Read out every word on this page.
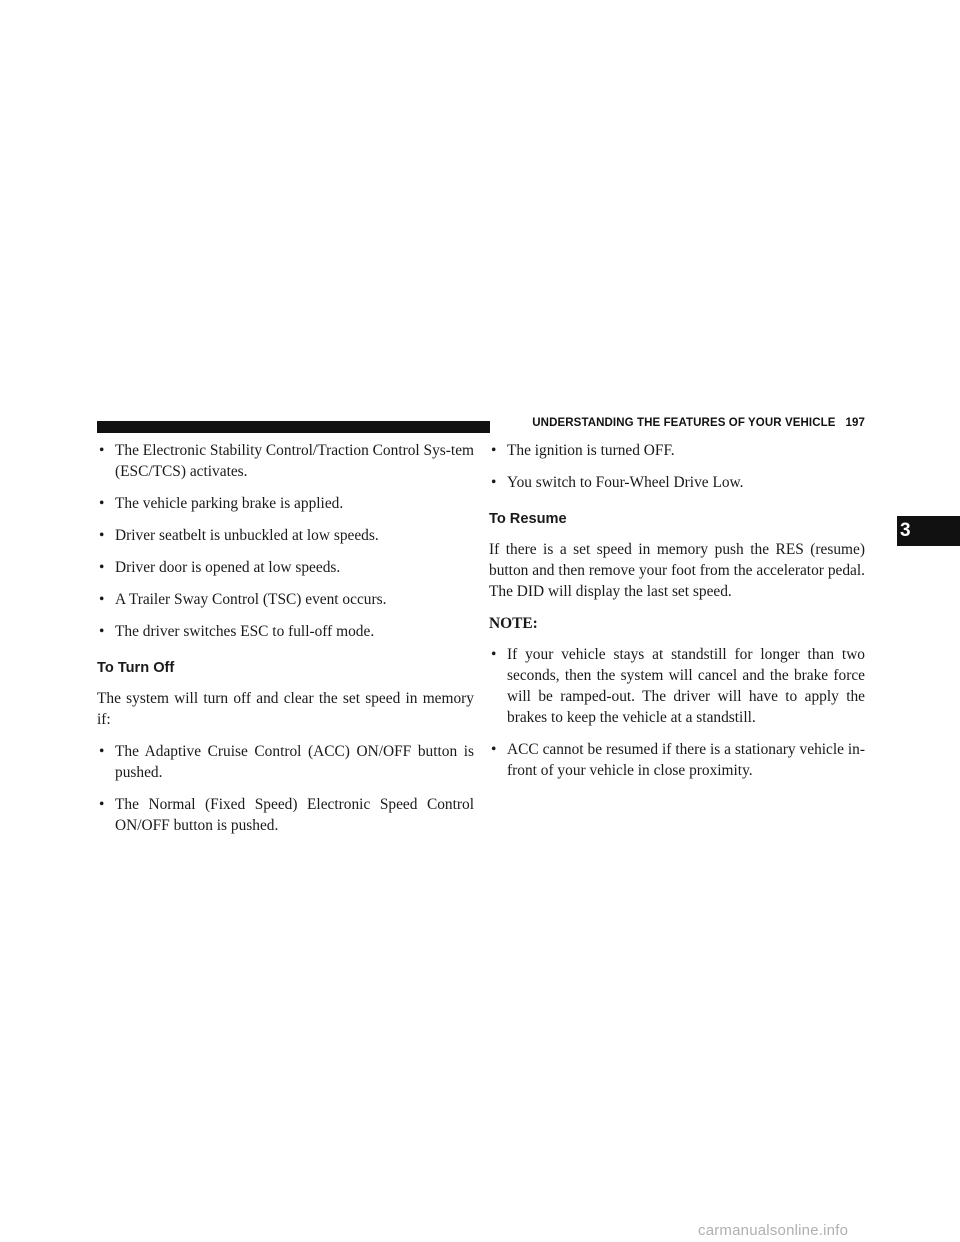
UNDERSTANDING THE FEATURES OF YOUR VEHICLE 197
3
• The Electronic Stability Control/Traction Control Sys-tem (ESC/TCS) activates.
• The vehicle parking brake is applied.
• Driver seatbelt is unbuckled at low speeds.
• Driver door is opened at low speeds.
• A Trailer Sway Control (TSC) event occurs.
• The driver switches ESC to full-off mode.
To Turn Off
The system will turn off and clear the set speed in memory if:
• The Adaptive Cruise Control (ACC) ON/OFF button is pushed.
• The Normal (Fixed Speed) Electronic Speed Control ON/OFF button is pushed.
• The ignition is turned OFF.
• You switch to Four-Wheel Drive Low.
To Resume
If there is a set speed in memory push the RES (resume) button and then remove your foot from the accelerator pedal. The DID will display the last set speed.
NOTE:
• If your vehicle stays at standstill for longer than two seconds, then the system will cancel and the brake force will be ramped-out. The driver will have to apply the brakes to keep the vehicle at a standstill.
• ACC cannot be resumed if there is a stationary vehicle in-front of your vehicle in close proximity.
carmanualsonline.info
